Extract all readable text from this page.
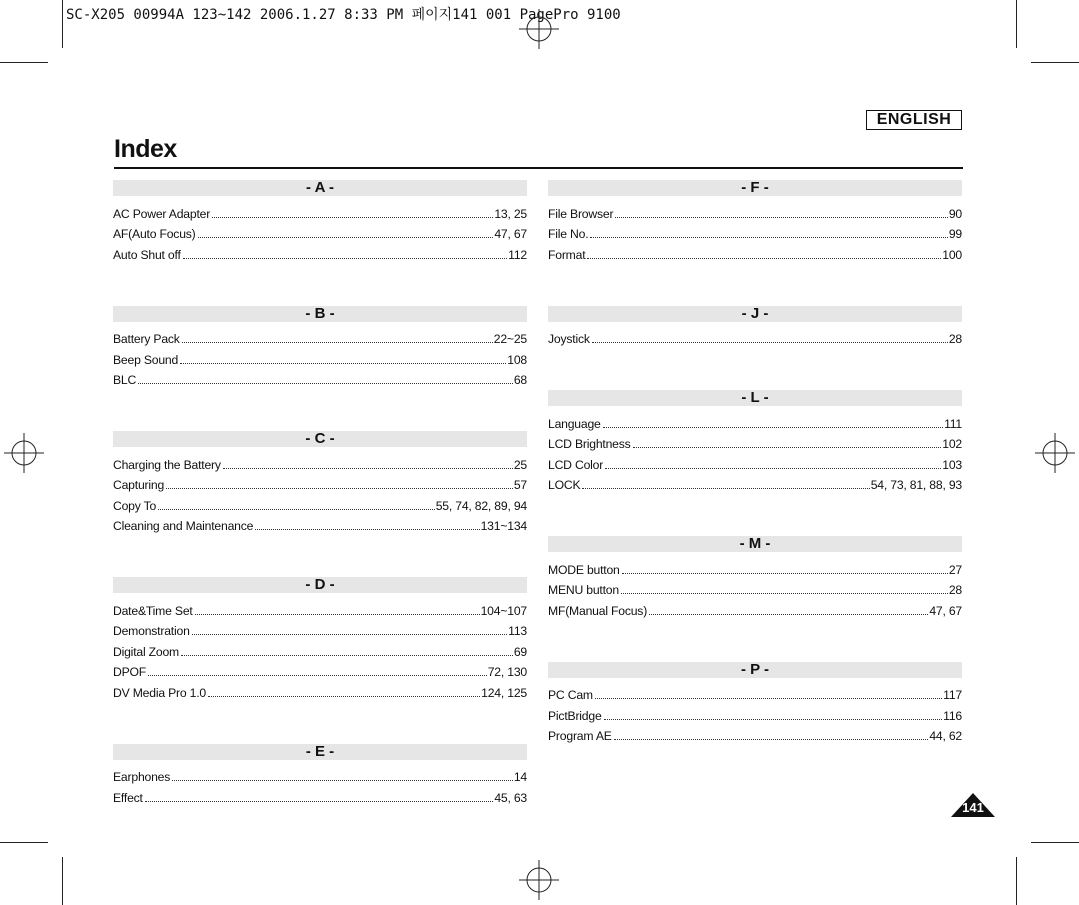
SC-X205 00994A 123~142 2006.1.27 8:33 PM 페이지141 001 PagePro 9100
ENGLISH
Index
- A -
AC Power Adapter	13, 25
AF(Auto Focus)	47, 67
Auto Shut off	112
- B -
Battery Pack	22~25
Beep Sound	108
BLC	68
- C -
Charging the Battery	25
Capturing	57
Copy To	55, 74, 82, 89, 94
Cleaning and Maintenance	131~134
- D -
Date&Time Set	104~107
Demonstration	113
Digital Zoom	69
DPOF	72, 130
DV Media Pro 1.0	124, 125
- E -
Earphones	14
Effect	45, 63
- F -
File Browser	90
File No.	99
Format	100
- J -
Joystick	28
- L -
Language	111
LCD Brightness	102
LCD Color	103
LOCK	54, 73, 81, 88, 93
- M -
MODE button	27
MENU button	28
MF(Manual Focus)	47, 67
- P -
PC Cam	117
PictBridge	116
Program AE	44, 62
141
